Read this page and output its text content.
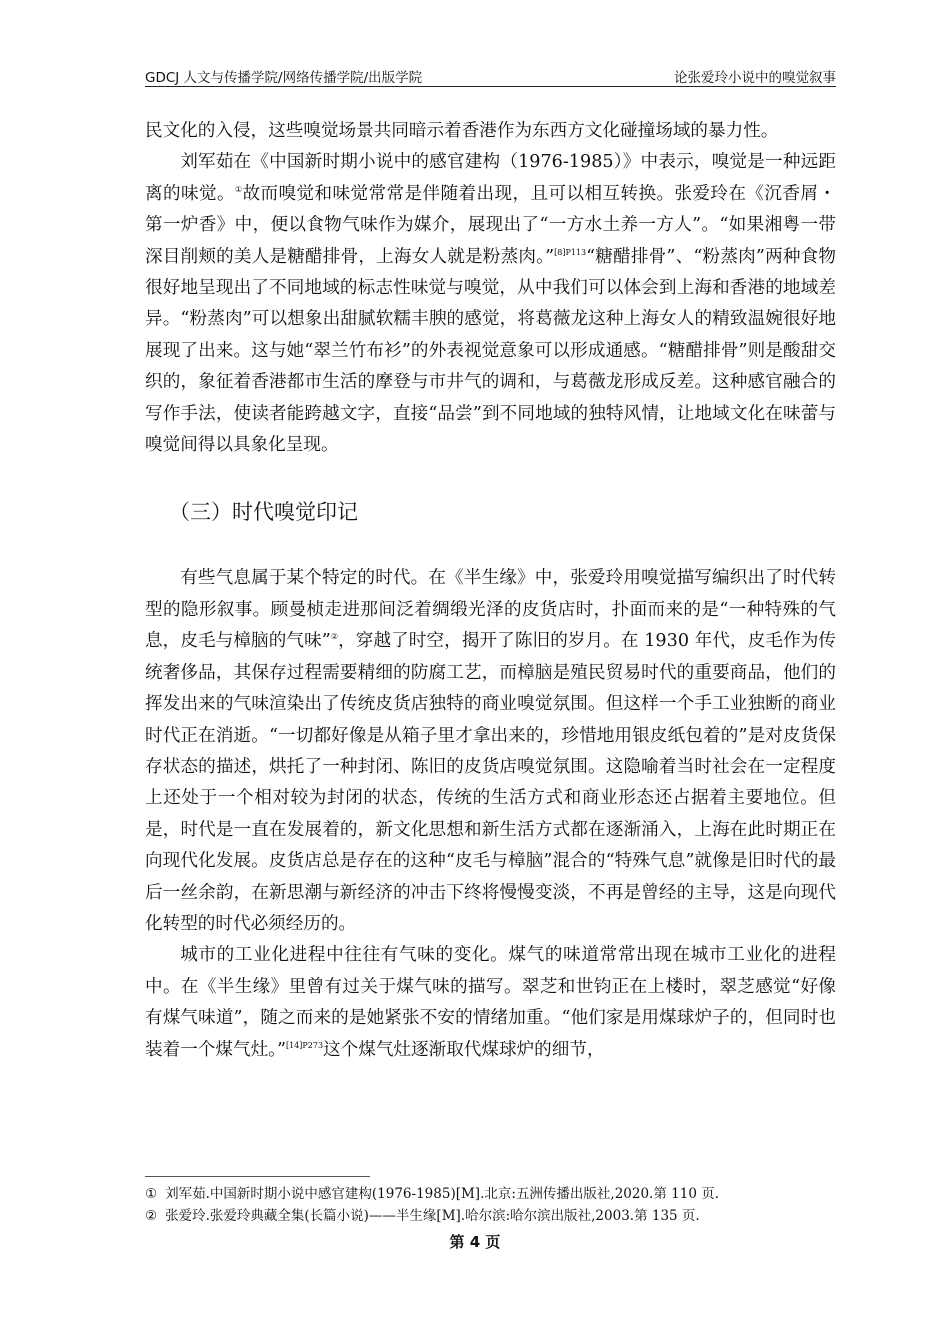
GDCJ 人文与传播学院/网络传播学院/出版学院	论张爱玲小说中的嗅觉叙事

民文化的入侵，这些嗅觉场景共同暗示着香港作为东西方文化碰撞场域的暴力性。

刘军茹在《中国新时期小说中的感官建构（1976-1985）》中表示，嗅觉是一种远距离的味觉。①故而嗅觉和味觉常常是伴随着出现，且可以相互转换。张爱玲在《沉香屑・第一炉香》中，便以食物气味作为媒介，展现出了“一方水土养一方人”。“如果湘粤一带深目削颊的美人是糖醋排骨，上海女人就是粉蒸肉。”$^{[8]P113}$“糖醋排骨”、“粉蒸肉”两种食物很好地呈现出了不同地域的标志性味觉与嗅觉，从中我们可以体会到上海和香港的地域差异。“粉蒸肉”可以想象出甜腻软糯丰腴的感觉，将葛薇龙这种上海女人的精致温婉很好地展现了出来。这与她“翠兰竹布衫”的外表视觉意象可以形成通感。“糖醋排骨”则是酸甜交织的，象征着香港都市生活的摩登与市井气的调和，与葛薇龙形成反差。这种感官融合的写作手法，使读者能跨越文字，直接“品尝”到不同地域的独特风情，让地域文化在味蕾与嗅觉间得以具象化呈现。

（三）时代嗅觉印记

有些气息属于某个特定的时代。在《半生缘》中，张爱玲用嗅觉描写编织出了时代转型的隐形叙事。顾曼桢走进那间泛着绸缎光泽的皮货店时，扑面而来的是“一种特殊的气息，皮毛与樟脑的气味”②，穿越了时空，揭开了陈旧的岁月。在 1930 年代，皮毛作为传统奢侈品，其保存过程需要精细的防腐工艺，而樟脑是殖民贸易时代的重要商品，他们的挥发出来的气味渲染出了传统皮货店独特的商业嗅觉氛围。但这样一个手工业独断的商业时代正在消逝。“一切都好像是从箱子里才拿出来的，珍惜地用银皮纸包着的”是对皮货保存状态的描述，烘托了一种封闭、陈旧的皮货店嗅觉氛围。这隐喻着当时社会在一定程度上还处于一个相对较为封闭的状态，传统的生活方式和商业形态还占据着主要地位。但是，时代是一直在发展着的，新文化思想和新生活方式都在逐渐涌入，上海在此时期正在向现代化发展。皮货店总是存在的这种“皮毛与樟脑”混合的“特殊气息”就像是旧时代的最后一丝余韵，在新思潮与新经济的冲击下终将慢慢变淡，不再是曾经的主导，这是向现代化转型的时代必须经历的。

城市的工业化进程中往往有气味的变化。煤气的味道常常出现在城市工业化的进程中。在《半生缘》里曾有过关于煤气味的描写。翠芝和世钧正在上楼时，翠芝感觉“好像有煤气味道”，随之而来的是她紧张不安的情绪加重。“他们家是用煤球炉子的，但同时也装着一个煤气灶。”$^{[14]P273}$这个煤气灶逐渐取代煤球炉的细节，

① 刘军茹.中国新时期小说中感官建构(1976-1985)[M].北京:五洲传播出版社,2020.第 110 页.
② 张爱玲.张爱玲典藏全集(长篇小说)——半生缘[M].哈尔滨:哈尔滨出版社,2003.第 135 页.
第 4 页
